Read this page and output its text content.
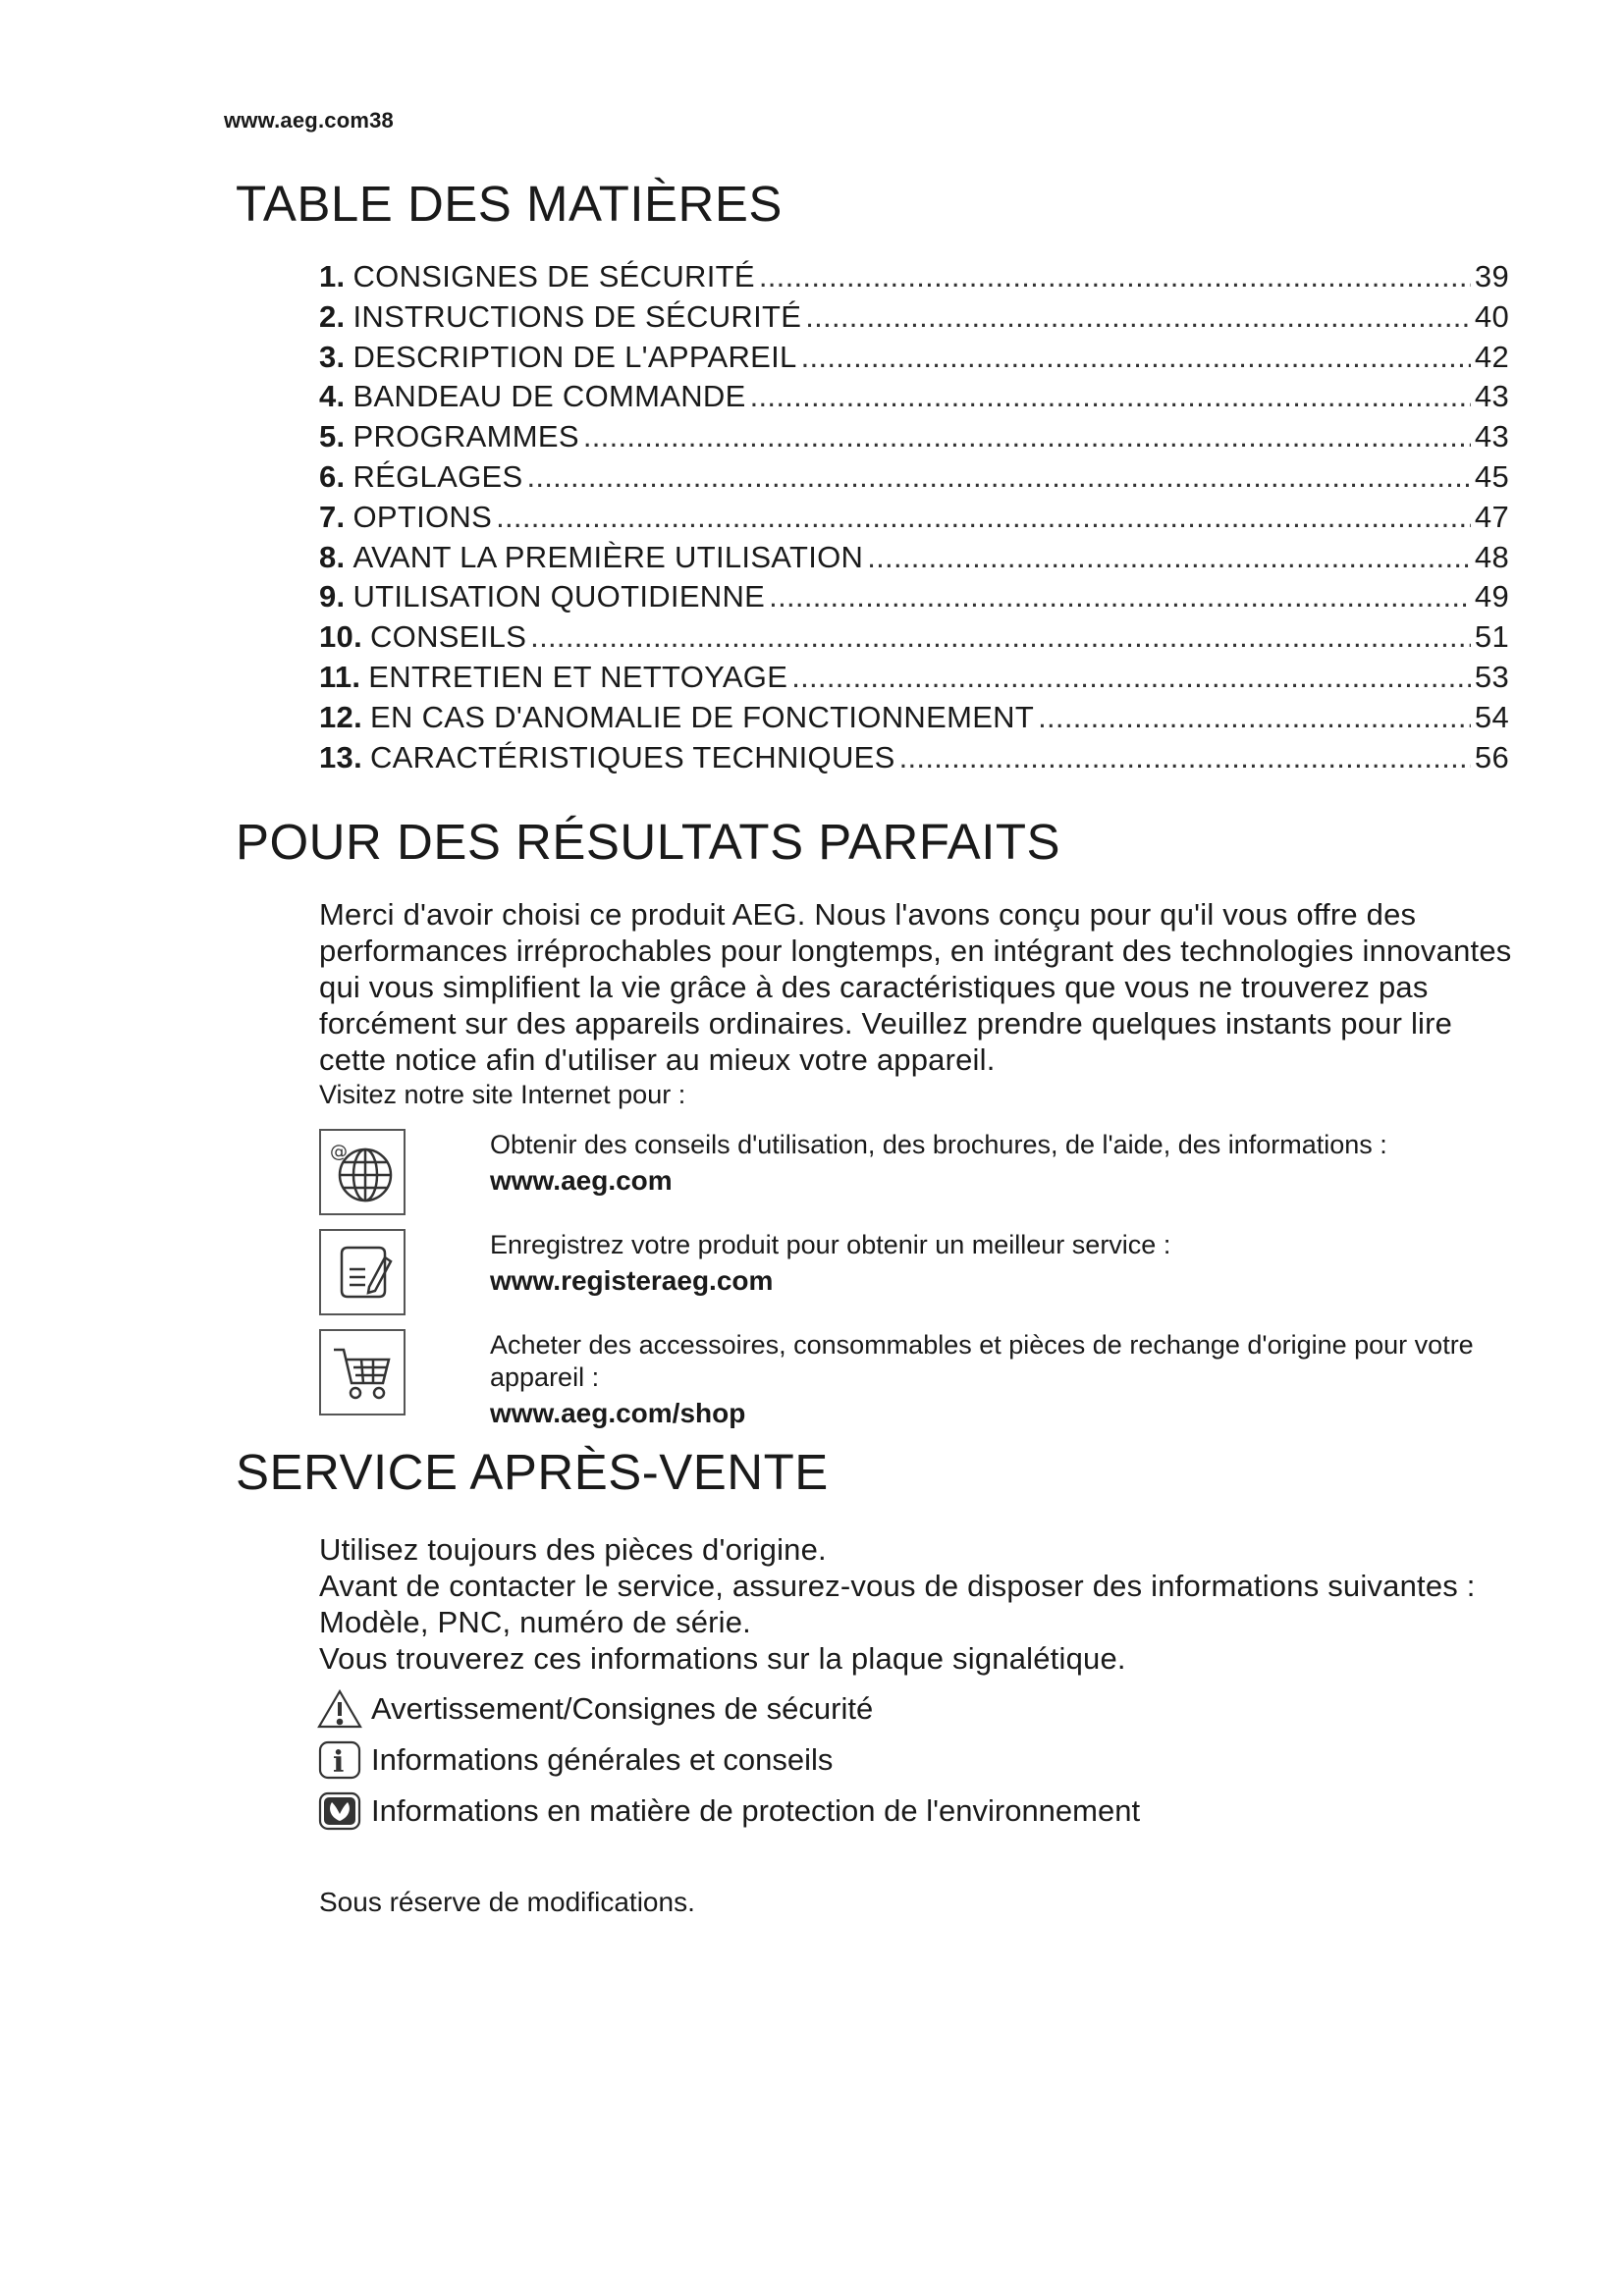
www.aeg.com38
TABLE DES MATIÈRES
1. CONSIGNES DE SÉCURITÉ .....	39
2. INSTRUCTIONS DE SÉCURITÉ .....	40
3. DESCRIPTION DE L'APPAREIL .....	42
4. BANDEAU DE COMMANDE .....	43
5. PROGRAMMES .....	43
6. RÉGLAGES .....	45
7. OPTIONS .....	47
8. AVANT LA PREMIÈRE UTILISATION .....	48
9. UTILISATION QUOTIDIENNE .....	49
10. CONSEILS .....	51
11. ENTRETIEN ET NETTOYAGE .....	53
12. EN CAS D'ANOMALIE DE FONCTIONNEMENT .....	54
13. CARACTÉRISTIQUES TECHNIQUES .....	56
POUR DES RÉSULTATS PARFAITS

Merci d'avoir choisi ce produit AEG. Nous l'avons conçu pour qu'il vous offre des performances irréprochables pour longtemps, en intégrant des technologies innovantes qui vous simplifient la vie grâce à des caractéristiques que vous ne trouverez pas forcément sur des appareils ordinaires. Veuillez prendre quelques instants pour lire cette notice afin d'utiliser au mieux votre appareil.

Visitez notre site Internet pour :
@	Obtenir des conseils d'utilisation, des brochures, de l'aide, des informations :
www.aeg.com
Enregistrez votre produit pour obtenir un meilleur service :
www.registeraeg.com
Acheter des accessoires, consommables et pièces de rechange d'origine pour votre appareil :
www.aeg.com/shop
SERVICE APRÈS-VENTE
Utilisez toujours des pièces d'origine.
Avant de contacter le service, assurez-vous de disposer des informations suivantes : Modèle, PNC, numéro de série.
Vous trouverez ces informations sur la plaque signalétique.
Avertissement/Consignes de sécurité
i Informations générales et conseils
Informations en matière de protection de l'environnement
Sous réserve de modifications.
